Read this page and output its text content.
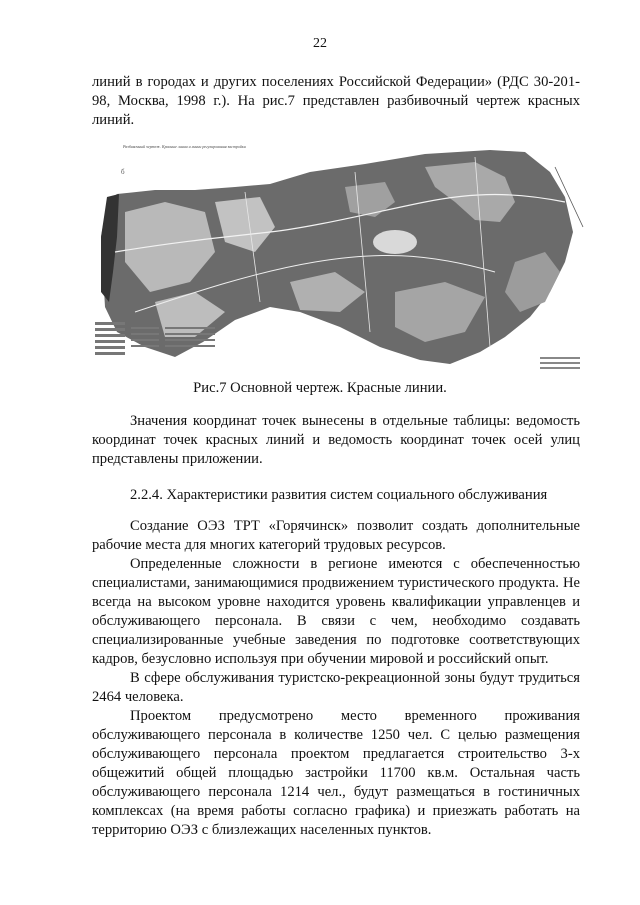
22

линий в городах и других поселениях Российской Федерации» (РДС 30-201-98, Москва, 1998 г.). На рис.7 представлен разбивочный чертеж красных линий.

Разбивочный чертеж. Красные линии и линии регулирования застройки
б
Рис.7 Основной чертеж. Красные линии.

Значения координат точек вынесены в отдельные таблицы: ведомость координат точек красных линий и ведомость координат точек осей улиц представлены приложении.

2.2.4. Характеристики развития систем социального обслуживания

Создание ОЭЗ ТРТ «Горячинск» позволит создать дополнительные рабочие места для многих категорий трудовых ресурсов.

Определенные сложности в регионе имеются с обеспеченностью специалистами, занимающимися продвижением туристического продукта. Не всегда на высоком уровне находится уровень квалификации управленцев и обслуживающего персонала. В связи с чем, необходимо создавать специализированные учебные заведения по подготовке соответствующих кадров, безусловно используя при обучении мировой и российский опыт.

В сфере обслуживания туристско-рекреационной зоны будут трудиться 2464 человека.

Проектом предусмотрено место временного проживания обслуживающего персонала в количестве 1250 чел. С целью размещения обслуживающего персонала проектом предлагается строительство 3-х общежитий общей площадью застройки 11700 кв.м. Остальная часть обслуживающего персонала 1214 чел., будут размещаться в гостиничных комплексах (на время работы согласно графика) и приезжать работать на территорию ОЭЗ с близлежащих населенных пунктов.
